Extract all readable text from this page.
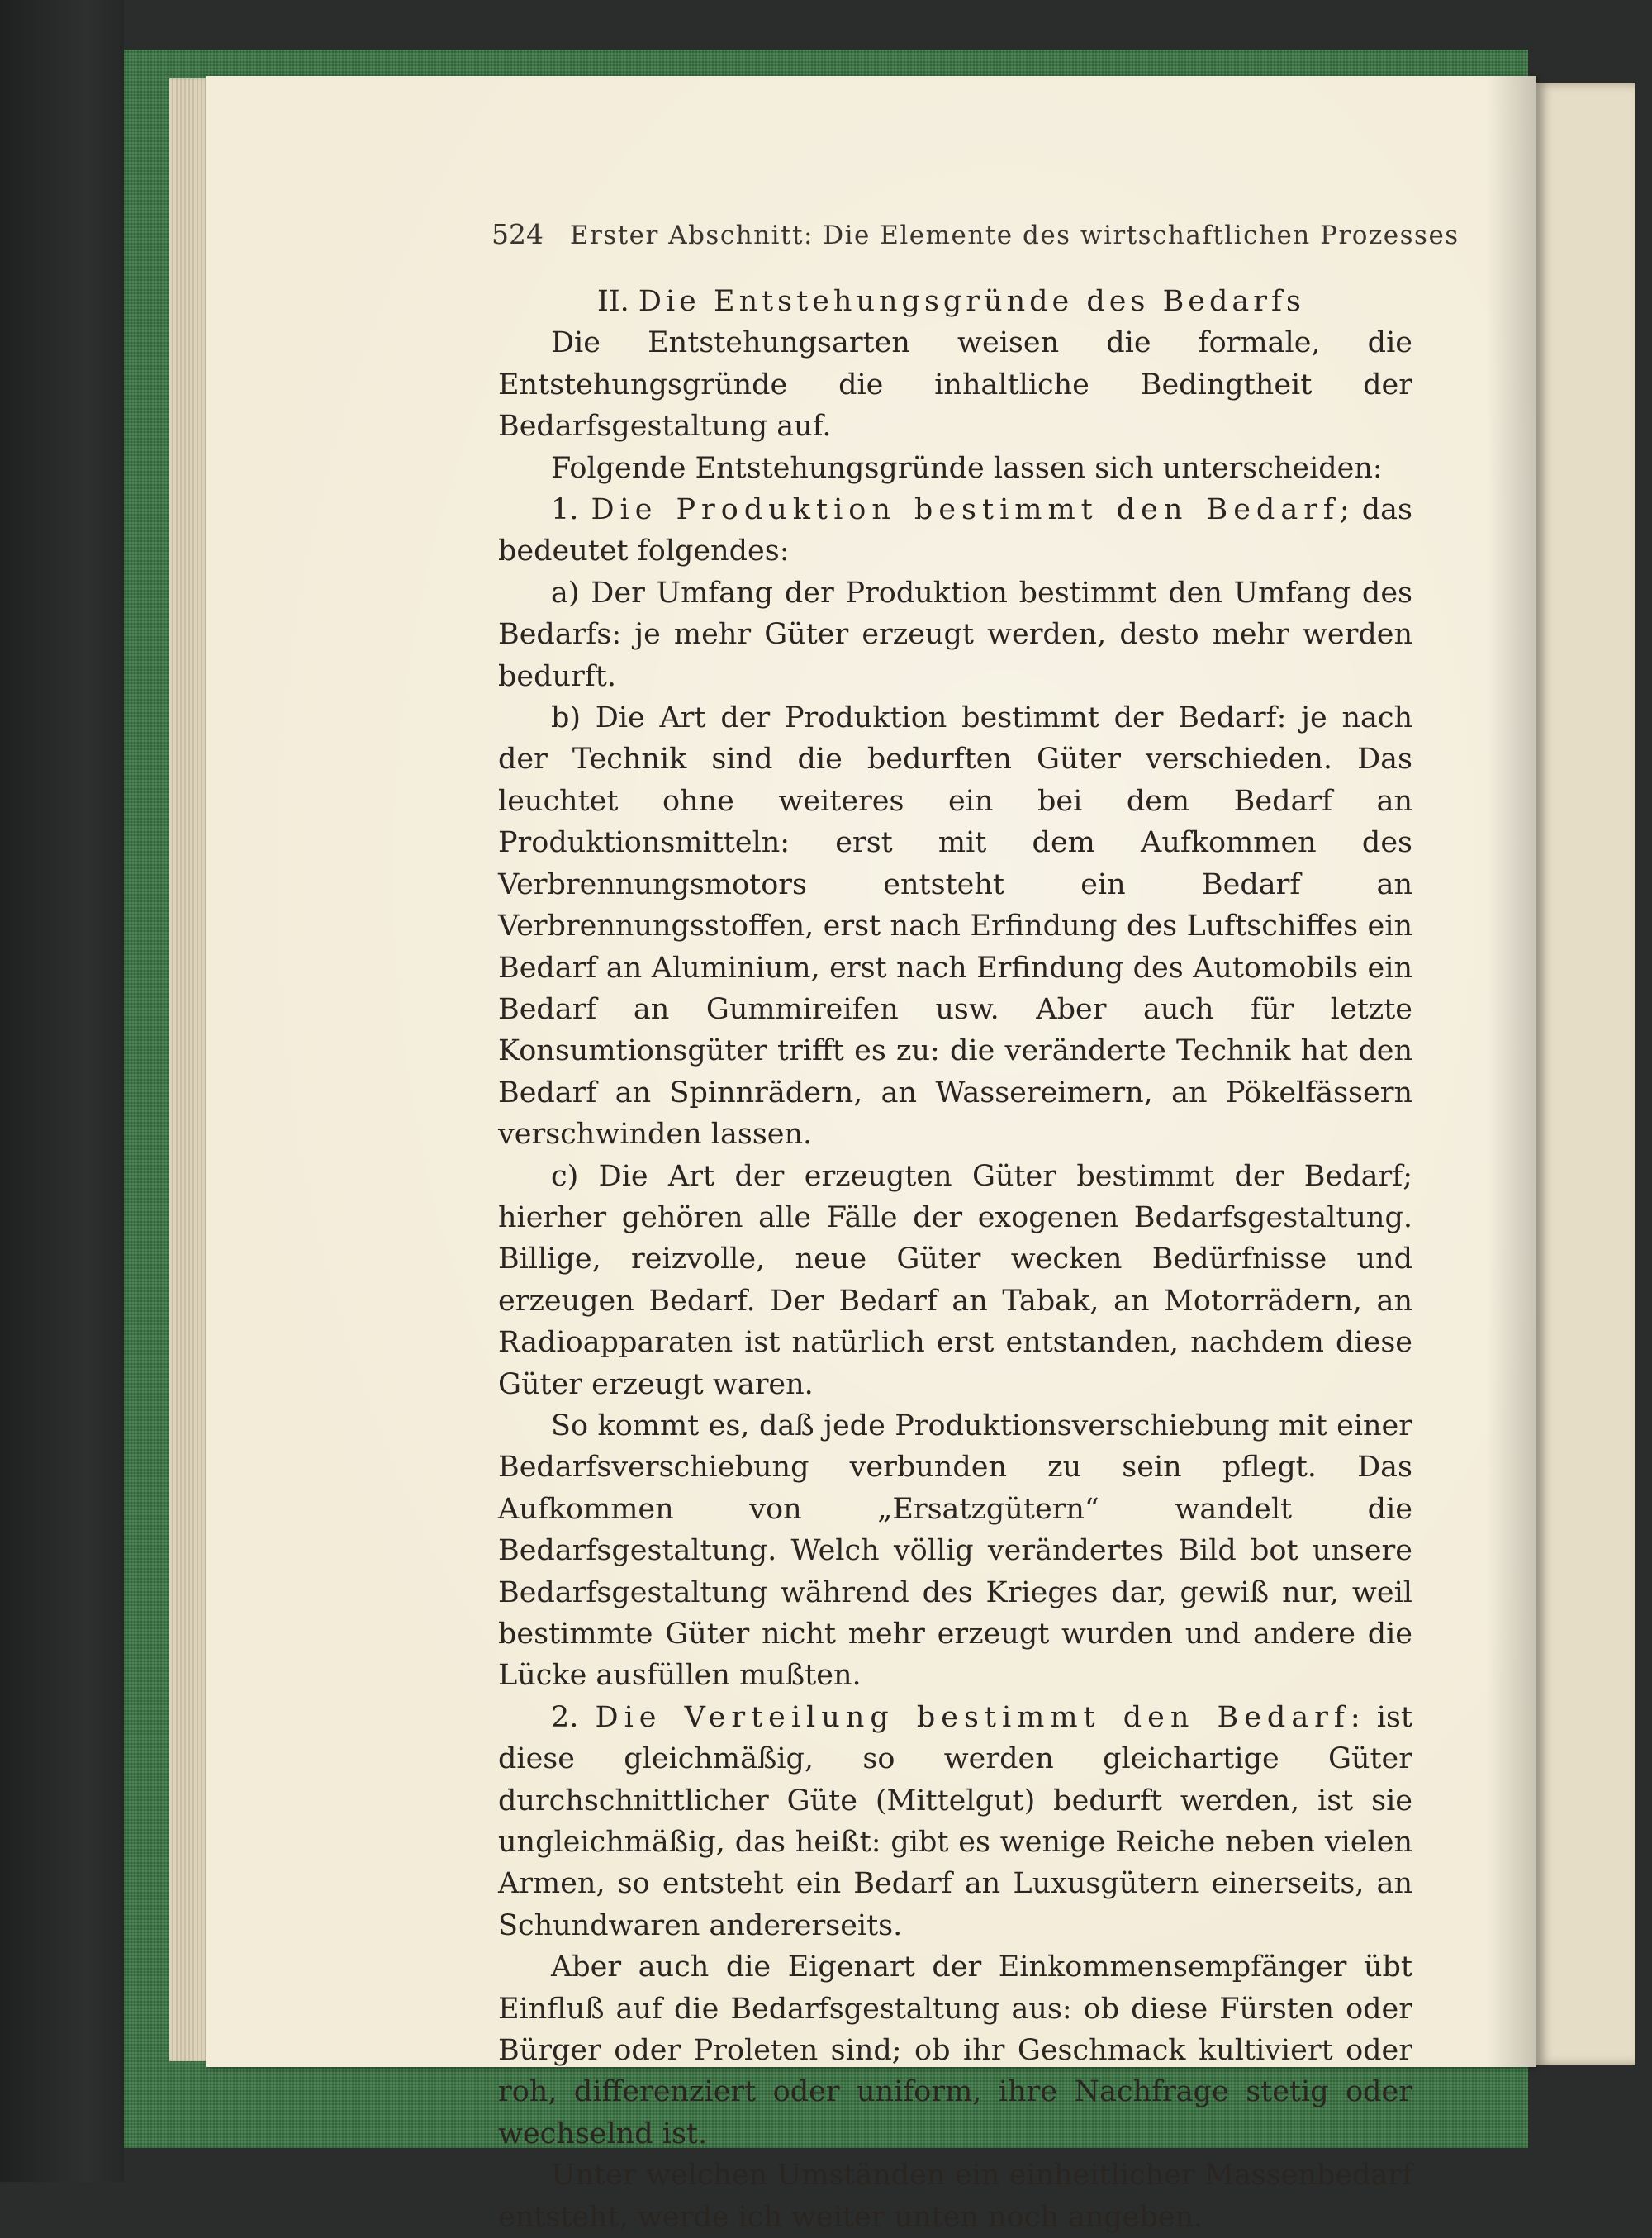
524 Erster Abschnitt: Die Elemente des wirtschaftlichen Prozesses

II. Die Entstehungsgründe des Bedarfs

Die Entstehungsarten weisen die formale, die Entstehungsgründe die inhaltliche Bedingtheit der Bedarfsgestaltung auf.

Folgende Entstehungsgründe lassen sich unterscheiden:

1. Die Produktion bestimmt den Bedarf; das bedeutet folgendes:

a) Der Umfang der Produktion bestimmt den Umfang des Bedarfs: je mehr Güter erzeugt werden, desto mehr werden bedurft.

b) Die Art der Produktion bestimmt der Bedarf: je nach der Technik sind die bedurften Güter verschieden. Das leuchtet ohne weiteres ein bei dem Bedarf an Produktionsmitteln: erst mit dem Aufkommen des Verbrennungsmotors entsteht ein Bedarf an Verbrennungsstoffen, erst nach Erfindung des Luftschiffes ein Bedarf an Aluminium, erst nach Erfindung des Automobils ein Bedarf an Gummireifen usw. Aber auch für letzte Konsumtionsgüter trifft es zu: die veränderte Technik hat den Bedarf an Spinnrädern, an Wassereimern, an Pökelfässern verschwinden lassen.

c) Die Art der erzeugten Güter bestimmt der Bedarf; hierher gehören alle Fälle der exogenen Bedarfsgestaltung. Billige, reizvolle, neue Güter wecken Bedürfnisse und erzeugen Bedarf. Der Bedarf an Tabak, an Motorrädern, an Radioapparaten ist natürlich erst entstanden, nachdem diese Güter erzeugt waren.

So kommt es, daß jede Produktionsverschiebung mit einer Bedarfsverschiebung verbunden zu sein pflegt. Das Aufkommen von „Ersatzgütern“ wandelt die Bedarfsgestaltung. Welch völlig verändertes Bild bot unsere Bedarfsgestaltung während des Krieges dar, gewiß nur, weil bestimmte Güter nicht mehr erzeugt wurden und andere die Lücke ausfüllen mußten.

2. Die Verteilung bestimmt den Bedarf: ist diese gleichmäßig, so werden gleichartige Güter durchschnittlicher Güte (Mittelgut) bedurft werden, ist sie ungleichmäßig, das heißt: gibt es wenige Reiche neben vielen Armen, so entsteht ein Bedarf an Luxusgütern einerseits, an Schundwaren andererseits.

Aber auch die Eigenart der Einkommensempfänger übt Einfluß auf die Bedarfsgestaltung aus: ob diese Fürsten oder Bürger oder Proleten sind; ob ihr Geschmack kultiviert oder roh, differenziert oder uniform, ihre Nachfrage stetig oder wechselnd ist.

Unter welchen Umständen ein einheitlicher Massenbedarf entsteht, werde ich weiter unten noch angeben.
